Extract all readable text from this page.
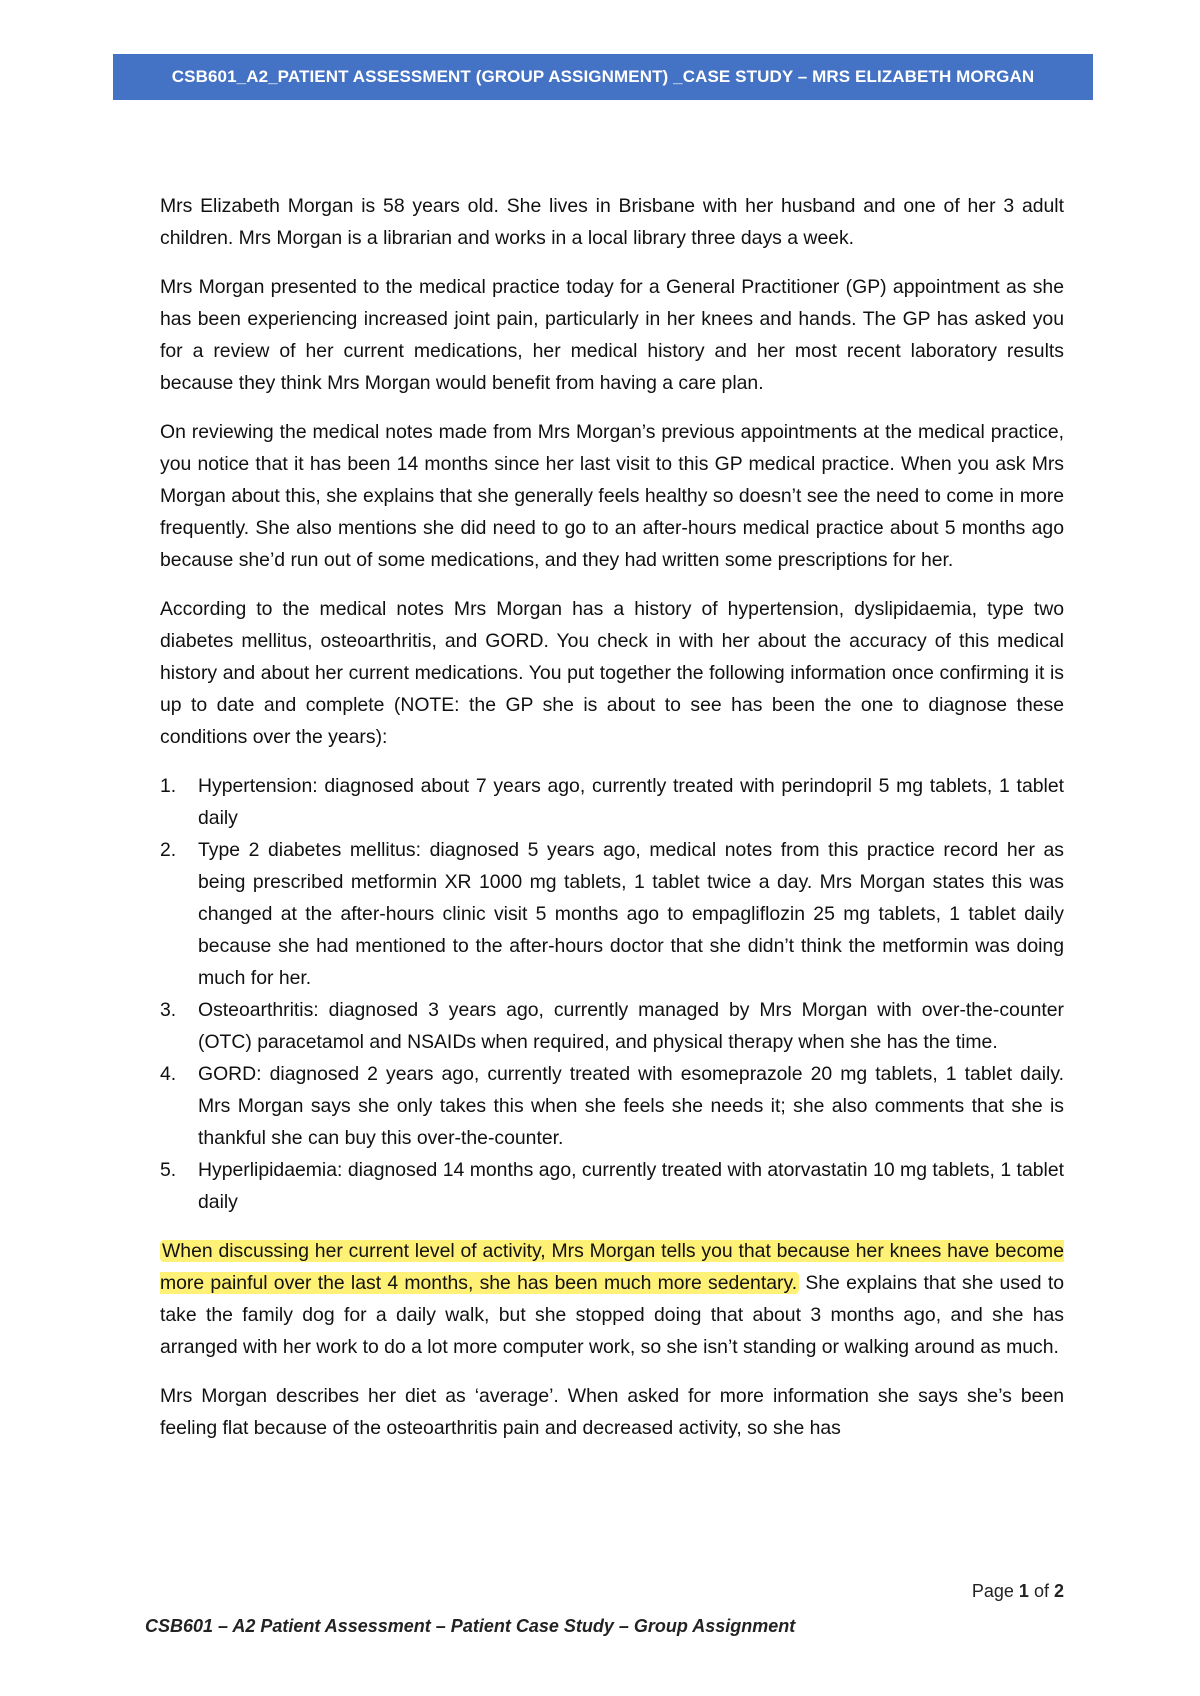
CSB601_A2_PATIENT ASSESSMENT (GROUP ASSIGNMENT) _CASE STUDY – MRS ELIZABETH MORGAN

Mrs Elizabeth Morgan is 58 years old. She lives in Brisbane with her husband and one of her 3 adult children. Mrs Morgan is a librarian and works in a local library three days a week.

Mrs Morgan presented to the medical practice today for a General Practitioner (GP) appointment as she has been experiencing increased joint pain, particularly in her knees and hands. The GP has asked you for a review of her current medications, her medical history and her most recent laboratory results because they think Mrs Morgan would benefit from having a care plan.

On reviewing the medical notes made from Mrs Morgan’s previous appointments at the medical practice, you notice that it has been 14 months since her last visit to this GP medical practice. When you ask Mrs Morgan about this, she explains that she generally feels healthy so doesn’t see the need to come in more frequently. She also mentions she did need to go to an after-hours medical practice about 5 months ago because she’d run out of some medications, and they had written some prescriptions for her.

According to the medical notes Mrs Morgan has a history of hypertension, dyslipidaemia, type two diabetes mellitus, osteoarthritis, and GORD. You check in with her about the accuracy of this medical history and about her current medications. You put together the following information once confirming it is up to date and complete (NOTE: the GP she is about to see has been the one to diagnose these conditions over the years):

1. Hypertension: diagnosed about 7 years ago, currently treated with perindopril 5 mg tablets, 1 tablet daily
2. Type 2 diabetes mellitus: diagnosed 5 years ago, medical notes from this practice record her as being prescribed metformin XR 1000 mg tablets, 1 tablet twice a day. Mrs Morgan states this was changed at the after-hours clinic visit 5 months ago to empagliflozin 25 mg tablets, 1 tablet daily because she had mentioned to the after-hours doctor that she didn’t think the metformin was doing much for her.
3. Osteoarthritis: diagnosed 3 years ago, currently managed by Mrs Morgan with over-the-counter (OTC) paracetamol and NSAIDs when required, and physical therapy when she has the time.
4. GORD: diagnosed 2 years ago, currently treated with esomeprazole 20 mg tablets, 1 tablet daily. Mrs Morgan says she only takes this when she feels she needs it; she also comments that she is thankful she can buy this over-the-counter.
5. Hyperlipidaemia: diagnosed 14 months ago, currently treated with atorvastatin 10 mg tablets, 1 tablet daily

When discussing her current level of activity, Mrs Morgan tells you that because her knees have become more painful over the last 4 months, she has been much more sedentary. She explains that she used to take the family dog for a daily walk, but she stopped doing that about 3 months ago, and she has arranged with her work to do a lot more computer work, so she isn’t standing or walking around as much.

Mrs Morgan describes her diet as ‘average’. When asked for more information she says she’s been feeling flat because of the osteoarthritis pain and decreased activity, so she has

Page 1 of 2
CSB601 – A2 Patient Assessment – Patient Case Study – Group Assignment
